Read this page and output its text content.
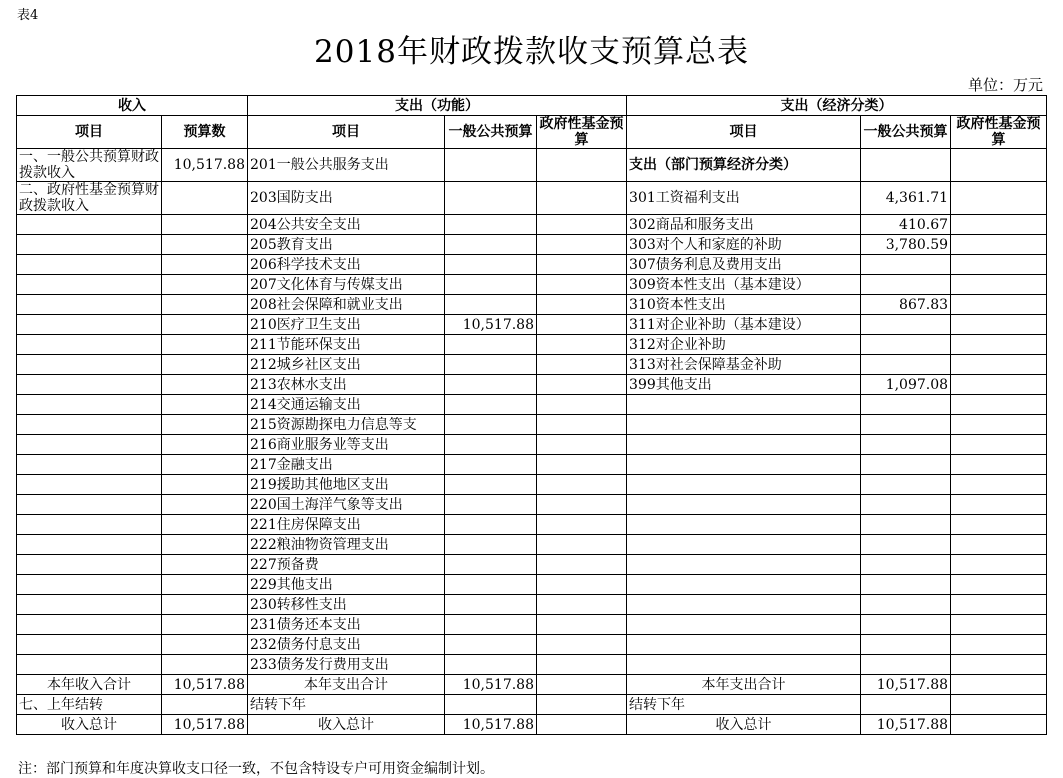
表4
2018年财政拨款收支预算总表
单位：万元
收入		支出（功能）			支出（经济分类）		
项目	预算数	项目	一般公共预算	政府性基金预算	项目	一般公共预算	政府性基金预算
一、一般公共预算财政拨款收入	10,517.88	201一般公共服务支出			支出（部门预算经济分类）		
二、政府性基金预算财政拨款收入		203国防支出			301工资福利支出	4,361.71	
		204公共安全支出			302商品和服务支出	410.67	
		205教育支出			303对个人和家庭的补助	3,780.59	
		206科学技术支出			307债务利息及费用支出		
		207文化体育与传媒支出			309资本性支出（基本建设）		
		208社会保障和就业支出			310资本性支出	867.83	
		210医疗卫生支出	10,517.88		311对企业补助（基本建设）		
		211节能环保支出			312对企业补助		
		212城乡社区支出			313对社会保障基金补助		
		213农林水支出			399其他支出	1,097.08	
		214交通运输支出					
		215资源勘探电力信息等支					
		216商业服务业等支出					
		217金融支出					
		219援助其他地区支出					
		220国土海洋气象等支出					
		221住房保障支出					
		222粮油物资管理支出					
		227预备费					
		229其他支出					
		230转移性支出					
		231债务还本支出					
		232债务付息支出					
		233债务发行费用支出					
本年收入合计	10,517.88	本年支出合计	10,517.88		本年支出合计	10,517.88	
七、上年结转		结转下年			结转下年		
收入总计	10,517.88	收入总计	10,517.88		收入总计	10,517.88	
注：部门预算和年度决算收支口径一致，不包含特设专户可用资金编制计划。
